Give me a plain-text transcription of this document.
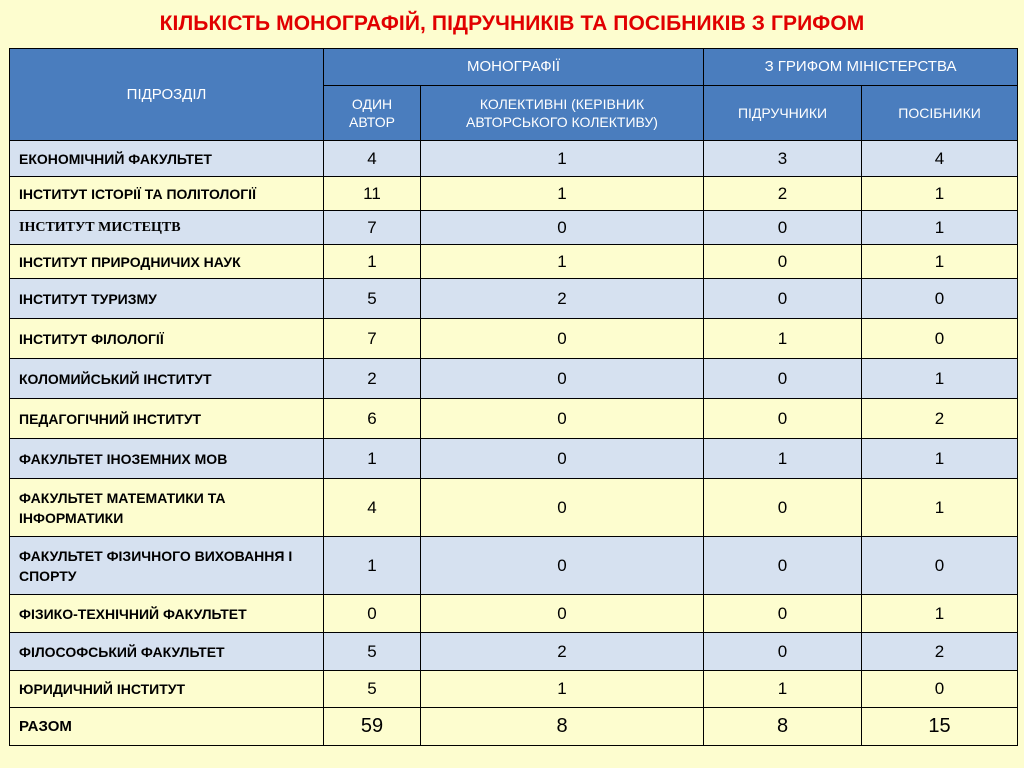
КІЛЬКІСТЬ МОНОГРАФІЙ, ПІДРУЧНИКІВ ТА ПОСІБНИКІВ З ГРИФОМ
ПІДРОЗДІЛ	МОНОГРАФІЇ		З ГРИФОМ МІНІСТЕРСТВА	
	ОДИН АВТОР	КОЛЕКТИВНІ (КЕРІВНИК АВТОРСЬКОГО КОЛЕКТИВУ)	ПІДРУЧНИКИ	ПОСІБНИКИ
ЕКОНОМІЧНИЙ ФАКУЛЬТЕТ	4	1	3	4
ІНСТИТУТ ІСТОРІЇ ТА ПОЛІТОЛОГІЇ	11	1	2	1
ІНСТИТУТ МИСТЕЦТВ	7	0	0	1
ІНСТИТУТ ПРИРОДНИЧИХ НАУК	1	1	0	1
ІНСТИТУТ ТУРИЗМУ	5	2	0	0
ІНСТИТУТ ФІЛОЛОГІЇ	7	0	1	0
КОЛОМИЙСЬКИЙ ІНСТИТУТ	2	0	0	1
ПЕДАГОГІЧНИЙ ІНСТИТУТ	6	0	0	2
ФАКУЛЬТЕТ ІНОЗЕМНИХ МОВ	1	0	1	1
ФАКУЛЬТЕТ МАТЕМАТИКИ ТА ІНФОРМАТИКИ	4	0	0	1
ФАКУЛЬТЕТ ФІЗИЧНОГО ВИХОВАННЯ І СПОРТУ	1	0	0	0
ФІЗИКО-ТЕХНІЧНИЙ ФАКУЛЬТЕТ	0	0	0	1
ФІЛОСОФСЬКИЙ ФАКУЛЬТЕТ	5	2	0	2
ЮРИДИЧНИЙ ІНСТИТУТ	5	1	1	0
РАЗОМ	59	8	8	15
